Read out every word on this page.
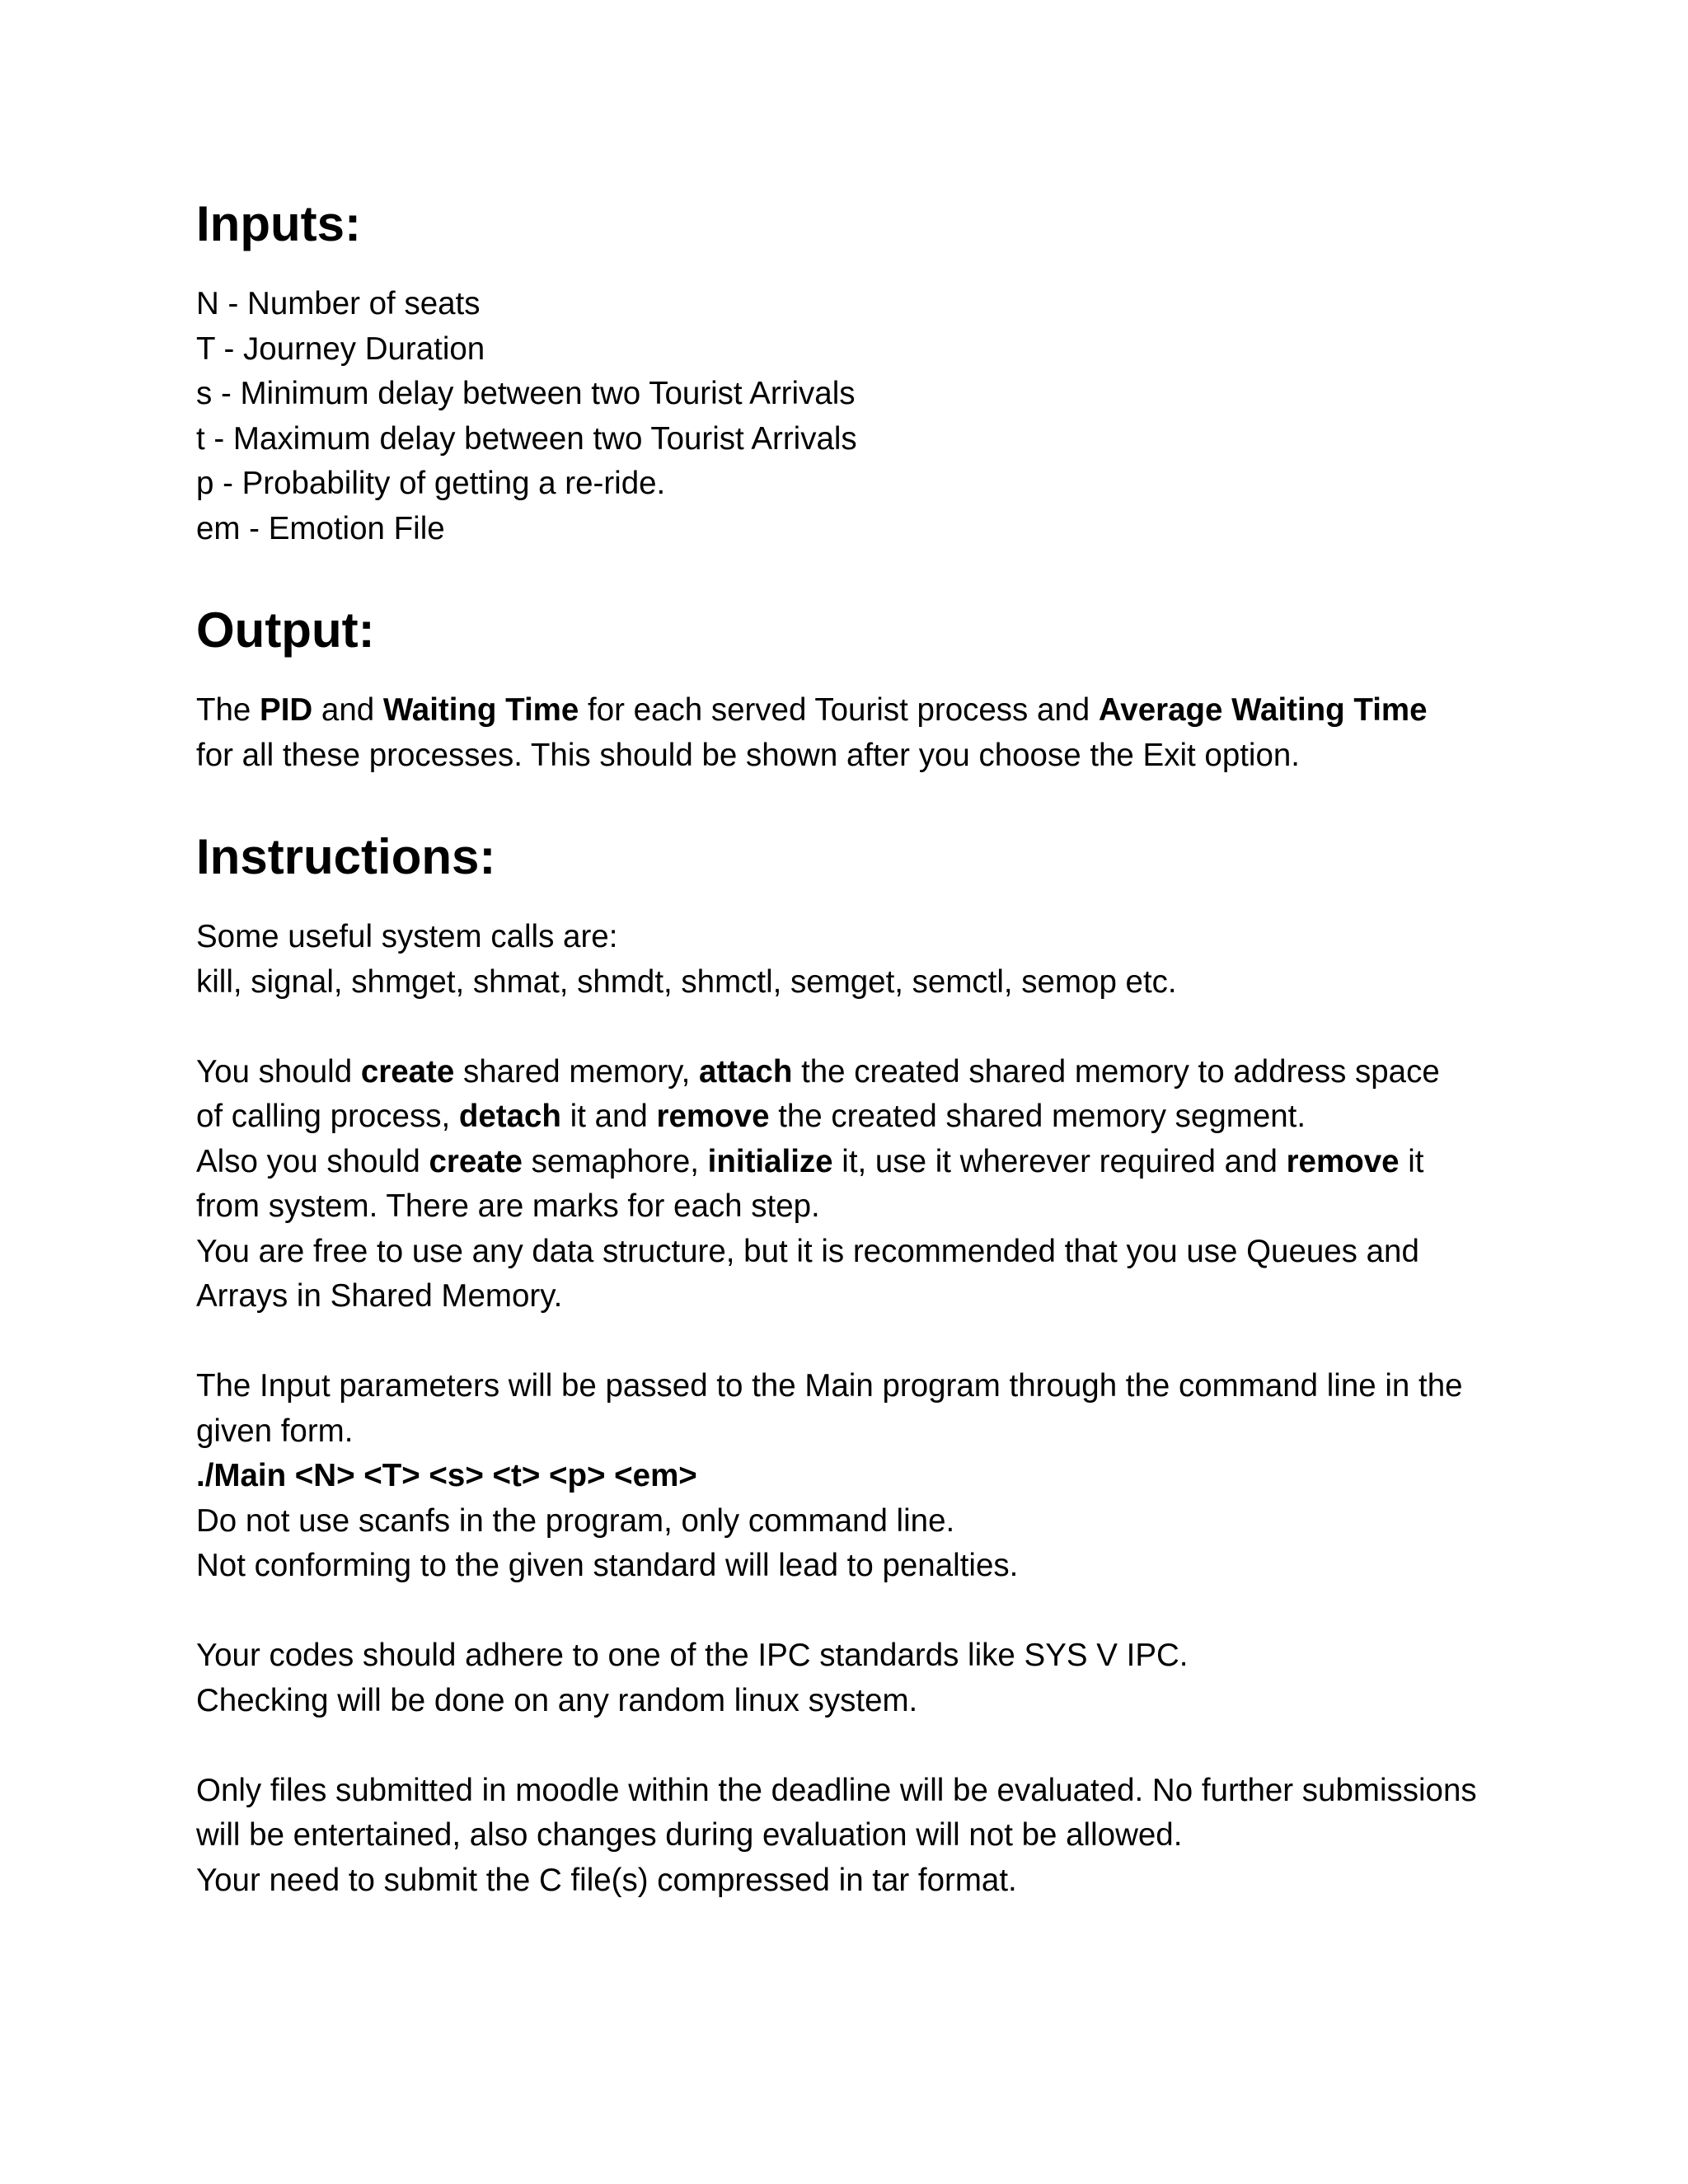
Inputs:
N - Number of seats
T - Journey Duration
s - Minimum delay between two Tourist Arrivals
t - Maximum delay between two Tourist Arrivals
p - Probability of getting a re-ride.
em - Emotion File
Output:
The PID and Waiting Time for each served Tourist process and Average Waiting Time
for all these processes. This should be shown after you choose the Exit option.
Instructions:
Some useful system calls are:
kill, signal, shmget, shmat, shmdt, shmctl, semget, semctl, semop etc.
You should create shared memory, attach the created shared memory to address space
of calling process, detach it and remove the created shared memory segment.
Also you should create semaphore, initialize it, use it wherever required and remove it
from system. There are marks for each step.
You are free to use any data structure, but it is recommended that you use Queues and
Arrays in Shared Memory.
The Input parameters will be passed to the Main program through the command line in the
given form.
./Main <N> <T> <s> <t> <p> <em>
Do not use scanfs in the program, only command line.
Not conforming to the given standard will lead to penalties.
Your codes should adhere to one of the IPC standards like SYS V IPC.
Checking will be done on any random linux system.
Only files submitted in moodle within the deadline will be evaluated. No further submissions
will be entertained, also changes during evaluation will not be allowed.
Your need to submit the C file(s) compressed in tar format.
